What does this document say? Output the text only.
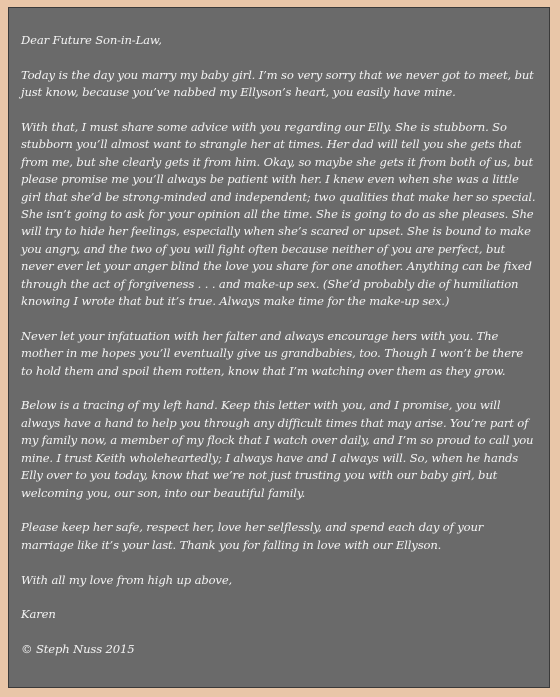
Dear Future Son-in-Law,

Today is the day you marry my baby girl. I’m so very sorry that we never got to meet, but just know, because you’ve nabbed my Ellyson’s heart, you easily have mine.

With that, I must share some advice with you regarding our Elly. She is stubborn. So stubborn you’ll almost want to strangle her at times. Her dad will tell you she gets that from me, but she clearly gets it from him. Okay, so maybe she gets it from both of us, but please promise me you’ll always be patient with her. I knew even when she was a little girl that she’d be strong-minded and independent; two qualities that make her so special. She isn’t going to ask for your opinion all the time. She is going to do as she pleases. She will try to hide her feelings, especially when she’s scared or upset. She is bound to make you angry, and the two of you will fight often because neither of you are perfect, but never ever let your anger blind the love you share for one another. Anything can be fixed through the act of forgiveness . . . and make-up sex. (She’d probably die of humiliation knowing I wrote that but it’s true. Always make time for the make-up sex.)

Never let your infatuation with her falter and always encourage hers with you. The mother in me hopes you’ll eventually give us grandbabies, too. Though I won’t be there to hold them and spoil them rotten, know that I’m watching over them as they grow.

Below is a tracing of my left hand. Keep this letter with you, and I promise, you will always have a hand to help you through any difficult times that may arise. You’re part of my family now, a member of my flock that I watch over daily, and I’m so proud to call you mine. I trust Keith wholeheartedly; I always have and I always will. So, when he hands Elly over to you today, know that we’re not just trusting you with our baby girl, but welcoming you, our son, into our beautiful family.

Please keep her safe, respect her, love her selflessly, and spend each day of your marriage like it’s your last. Thank you for falling in love with our Ellyson.

With all my love from high up above,

Karen

© Steph Nuss 2015
